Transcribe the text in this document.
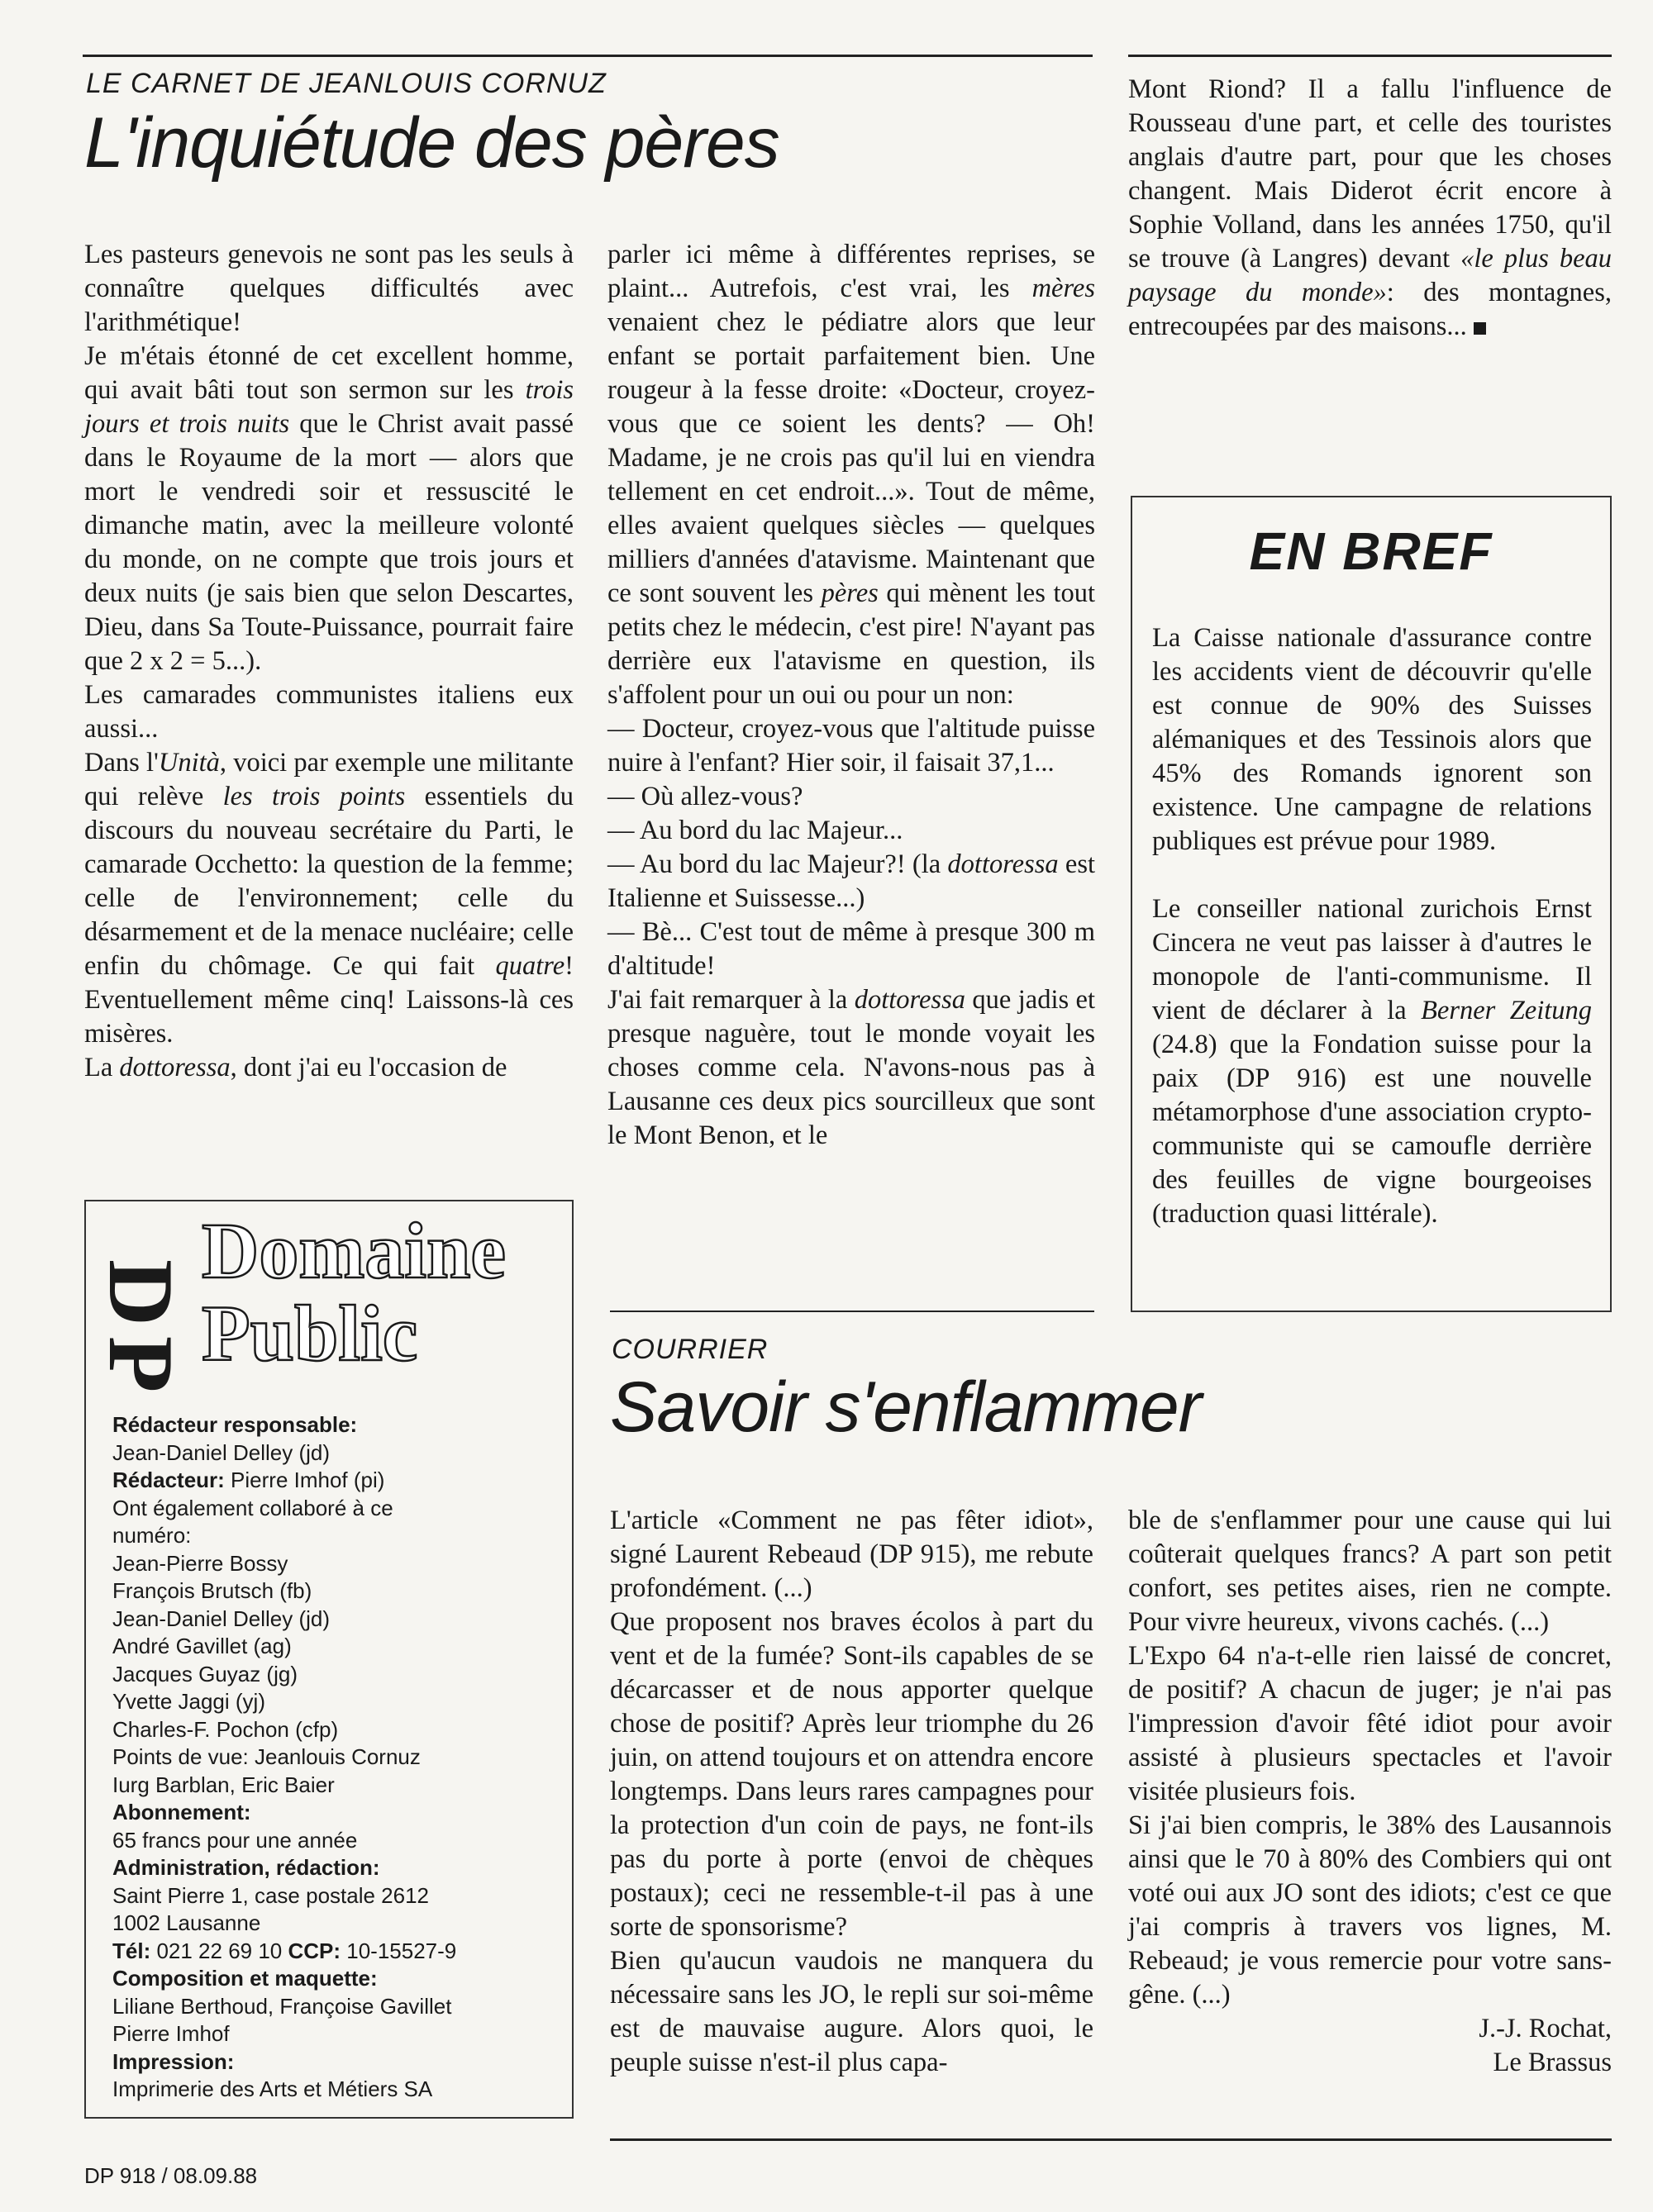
LE CARNET DE JEANLOUIS CORNUZ
L'inquiétude des pères

Les pasteurs genevois ne sont pas les seuls à connaître quelques difficultés avec l'arithmétique!

Je m'étais étonné de cet excellent homme, qui avait bâti tout son sermon sur les trois jours et trois nuits que le Christ avait passé dans le Royaume de la mort — alors que mort le vendredi soir et ressuscité le dimanche matin, avec la meilleure volonté du monde, on ne compte que trois jours et deux nuits (je sais bien que selon Descartes, Dieu, dans Sa Toute-Puissance, pourrait faire que 2 x 2 = 5...).

Les camarades communistes italiens eux aussi...

Dans l'Unità, voici par exemple une militante qui relève les trois points essentiels du discours du nouveau secrétaire du Parti, le camarade Occhetto: la question de la femme; celle de l'environnement; celle du désarmement et de la menace nucléaire; celle enfin du chômage. Ce qui fait quatre! Eventuellement même cinq! Laissons-là ces misères.

La dottoressa, dont j'ai eu l'occasion de

parler ici même à différentes reprises, se plaint... Autrefois, c'est vrai, les mères venaient chez le pédiatre alors que leur enfant se portait parfaitement bien. Une rougeur à la fesse droite: «Docteur, croyez-vous que ce soient les dents? — Oh! Madame, je ne crois pas qu'il lui en viendra tellement en cet endroit...». Tout de même, elles avaient quelques siècles — quelques milliers d'années d'atavisme. Maintenant que ce sont souvent les pères qui mènent les tout petits chez le médecin, c'est pire! N'ayant pas derrière eux l'atavisme en question, ils s'affolent pour un oui ou pour un non:

— Docteur, croyez-vous que l'altitude puisse nuire à l'enfant? Hier soir, il faisait 37,1...

— Où allez-vous?

— Au bord du lac Majeur...

— Au bord du lac Majeur?! (la dottoressa est Italienne et Suissesse...)

— Bè... C'est tout de même à presque 300 m d'altitude!

J'ai fait remarquer à la dottoressa que jadis et presque naguère, tout le monde voyait les choses comme cela. N'avons-nous pas à Lausanne ces deux pics sourcilleux que sont le Mont Benon, et le

Mont Riond? Il a fallu l'influence de Rousseau d'une part, et celle des touristes anglais d'autre part, pour que les choses changent. Mais Diderot écrit encore à Sophie Volland, dans les années 1750, qu'il se trouve (à Langres) devant «le plus beau paysage du monde»: des montagnes, entrecoupées par des maisons...

EN BREF

La Caisse nationale d'assurance contre les accidents vient de découvrir qu'elle est connue de 90% des Suisses alémaniques et des Tessinois alors que 45% des Romands ignorent son existence. Une campagne de relations publiques est prévue pour 1989.

Le conseiller national zurichois Ernst Cincera ne veut pas laisser à d'autres le monopole de l'anti-communisme. Il vient de déclarer à la Berner Zeitung (24.8) que la Fondation suisse pour la paix (DP 916) est une nouvelle métamorphose d'une association crypto-communiste qui se camoufle derrière des feuilles de vigne bourgeoises (traduction quasi littérale).

DP
Domaine
Public

Rédacteur responsable:

Jean-Daniel Delley (jd)

Rédacteur: Pierre Imhof (pi)

Ont également collaboré à ce

numéro:

Jean-Pierre Bossy

François Brutsch (fb)

Jean-Daniel Delley (jd)

André Gavillet (ag)

Jacques Guyaz (jg)

Yvette Jaggi (yj)

Charles-F. Pochon (cfp)

Points de vue: Jeanlouis Cornuz

Iurg Barblan, Eric Baier

Abonnement:

65 francs pour une année

Administration, rédaction:

Saint Pierre 1, case postale 2612

1002 Lausanne

Tél: 021 22 69 10 CCP: 10-15527-9

Composition et maquette:

Liliane Berthoud, Françoise Gavillet

Pierre Imhof

Impression:

Imprimerie des Arts et Métiers SA

COURRIER
Savoir s'enflammer

L'article «Comment ne pas fêter idiot», signé Laurent Rebeaud (DP 915), me rebute profondément. (...)

Que proposent nos braves écolos à part du vent et de la fumée? Sont-ils capables de se décarcasser et de nous apporter quelque chose de positif? Après leur triomphe du 26 juin, on attend toujours et on attendra encore longtemps. Dans leurs rares campagnes pour la protection d'un coin de pays, ne font-ils pas du porte à porte (envoi de chèques postaux); ceci ne ressemble-t-il pas à une sorte de sponsorisme?

Bien qu'aucun vaudois ne manquera du nécessaire sans les JO, le repli sur soi-même est de mauvaise augure. Alors quoi, le peuple suisse n'est-il plus capa-

ble de s'enflammer pour une cause qui lui coûterait quelques francs? A part son petit confort, ses petites aises, rien ne compte. Pour vivre heureux, vivons cachés. (...)

L'Expo 64 n'a-t-elle rien laissé de concret, de positif? A chacun de juger; je n'ai pas l'impression d'avoir fêté idiot pour avoir assisté à plusieurs spectacles et l'avoir visitée plusieurs fois.

Si j'ai bien compris, le 38% des Lausannois ainsi que le 70 à 80% des Combiers qui ont voté oui aux JO sont des idiots; c'est ce que j'ai compris à travers vos lignes, M. Rebeaud; je vous remercie pour votre sans-gêne. (...)

J.-J. Rochat,

Le Brassus

DP 918 / 08.09.88
